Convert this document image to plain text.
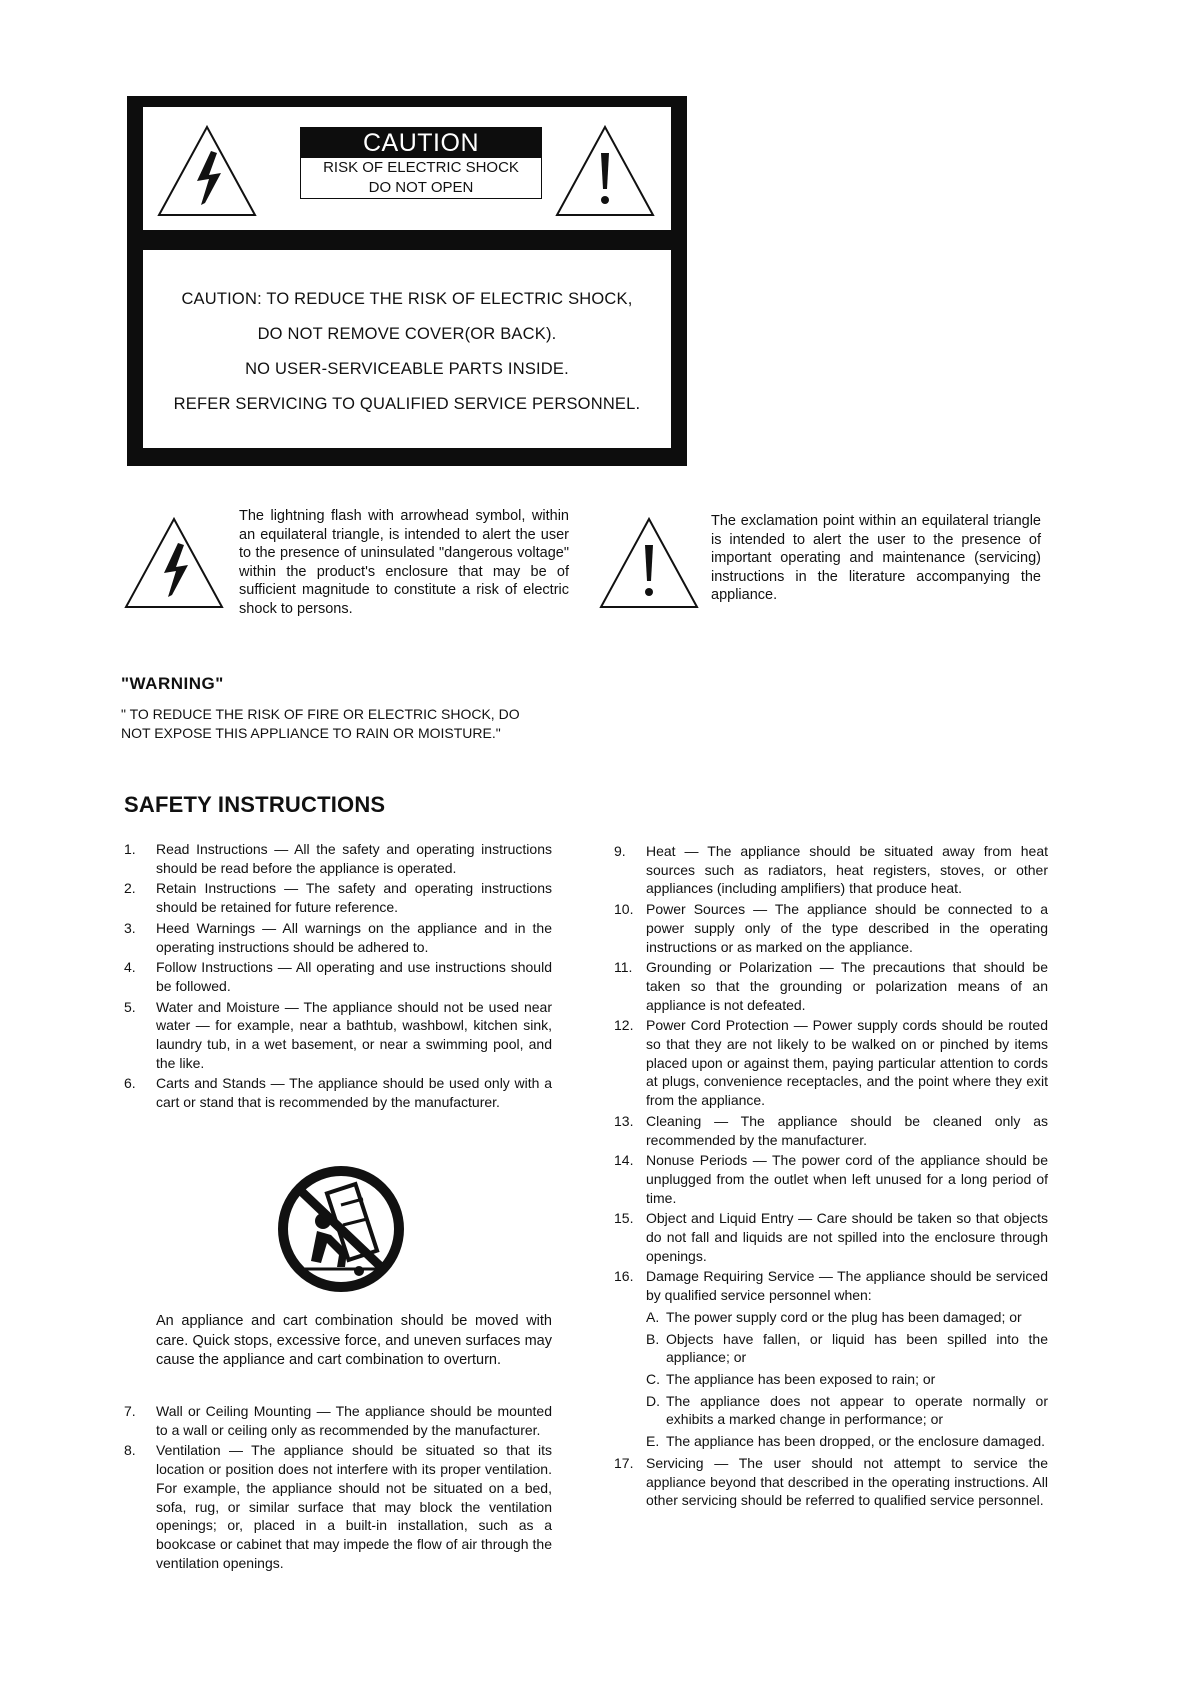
CAUTION
RISK OF ELECTRIC SHOCK
DO NOT OPEN
CAUTION: TO REDUCE THE RISK OF ELECTRIC SHOCK,
DO NOT REMOVE COVER(OR BACK).
NO USER-SERVICEABLE PARTS INSIDE.
REFER SERVICING TO QUALIFIED SERVICE PERSONNEL.
The lightning flash with arrowhead symbol, within an equilateral triangle, is intended to alert the user to the presence of uninsulated "dangerous voltage" within the product's enclosure that may be of sufficient magnitude to constitute a risk of electric shock to persons.
The exclamation point within an equilateral triangle is intended to alert the user to the presence of important operating and maintenance (servicing) instructions in the literature accompanying the appliance.
"WARNING"
" TO REDUCE THE RISK OF FIRE OR ELECTRIC SHOCK, DO NOT EXPOSE THIS APPLIANCE TO RAIN OR MOISTURE."
SAFETY INSTRUCTIONS
1.	Read Instructions — All the safety and operating instructions should be read before the appliance is operated.
2.	Retain Instructions — The safety and operating instructions should be retained for future reference.
3.	Heed Warnings — All warnings on the appliance and in the operating instructions should be adhered to.
4.	Follow Instructions — All operating and use instructions should be followed.
5.	Water and Moisture — The appliance should not be used near water — for example, near a bathtub, washbowl, kitchen sink, laundry tub, in a wet basement, or near a swimming pool, and the like.
6.	Carts and Stands — The appliance should be used only with a cart or stand that is recommended by the manufacturer.
An appliance and cart combination should be moved with care. Quick stops, excessive force, and uneven surfaces may cause the appliance and cart combination to overturn.
7.	Wall or Ceiling Mounting — The appliance should be mounted to a wall or ceiling only as recommended by the manufacturer.
8.	Ventilation — The appliance should be situated so that its location or position does not interfere with its proper ventilation. For example, the appliance should not be situated on a bed, sofa, rug, or similar surface that may block the ventilation openings; or, placed in a built-in installation, such as a bookcase or cabinet that may impede the flow of air through the ventilation openings.
9.	Heat — The appliance should be situated away from heat sources such as radiators, heat registers, stoves, or other appliances (including amplifiers) that produce heat.
10. Power Sources — The appliance should be connected to a power supply only of the type described in the operating instructions or as marked on the appliance.
11. Grounding or Polarization — The precautions that should be taken so that the grounding or polarization means of an appliance is not defeated.
12. Power Cord Protection — Power supply cords should be routed so that they are not likely to be walked on or pinched by items placed upon or against them, paying particular attention to cords at plugs, convenience receptacles, and the point where they exit from the appliance.
13. Cleaning — The appliance should be cleaned only as recommended by the manufacturer.
14. Nonuse Periods — The power cord of the appliance should be unplugged from the outlet when left unused for a long period of time.
15. Object and Liquid Entry — Care should be taken so that objects do not fall and liquids are not spilled into the enclosure through openings.
16. Damage Requiring Service — The appliance should be serviced by qualified service personnel when:
A. The power supply cord or the plug has been damaged; or
B. Objects have fallen, or liquid has been spilled into the appliance; or
C. The appliance has been exposed to rain; or
D. The appliance does not appear to operate normally or exhibits a marked change in performance; or
E. The appliance has been dropped, or the enclosure damaged.
17. Servicing — The user should not attempt to service the appliance beyond that described in the operating instructions. All other servicing should be referred to qualified service personnel.
